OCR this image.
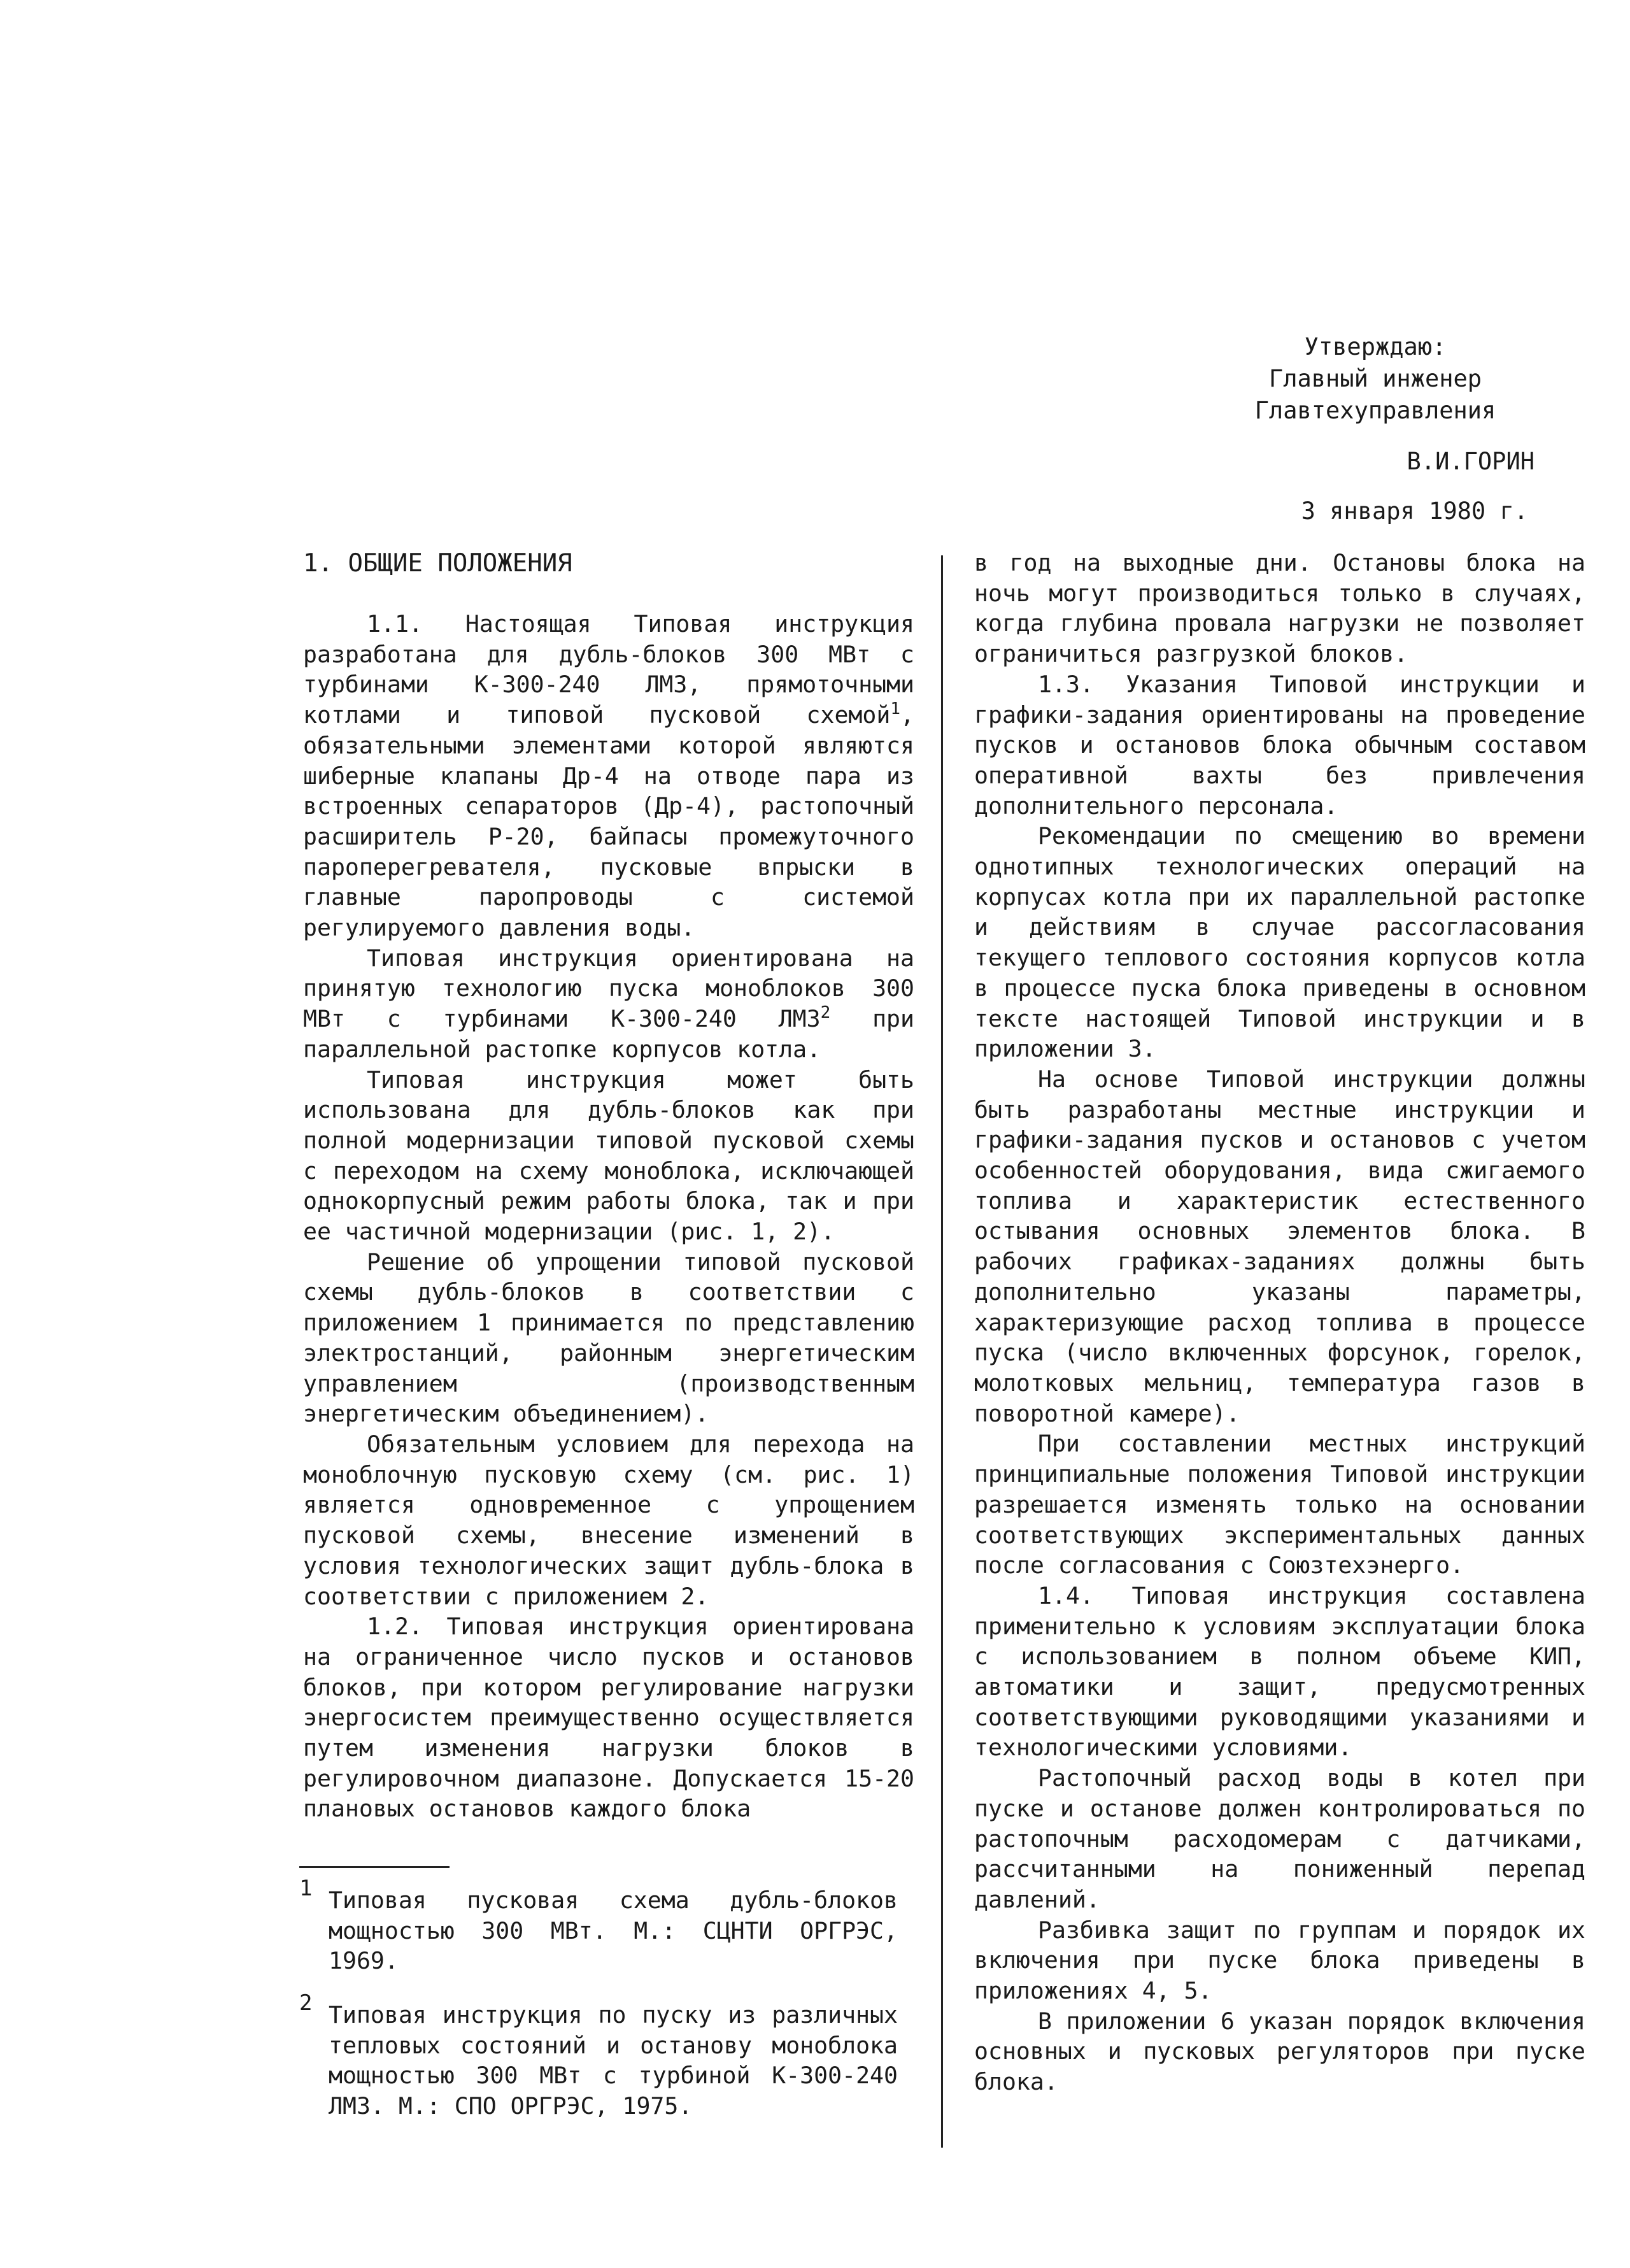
Утверждаю:
Главный инженер
Главтехуправления
В.И.ГОРИН
3 января 1980 г.

1. ОБЩИЕ ПОЛОЖЕНИЯ

1.1. Настоящая Типовая инструкция разработана для дубль-блоков 300 МВт с турбинами К-300-240 ЛМЗ, прямоточными котлами и типовой пусковой схемой$^1$, обязательными элементами которой являются шиберные клапаны Др-4 на отводе пара из встроенных сепараторов (Др-4), растопочный расширитель Р-20, байпасы промежуточного пароперегревателя, пусковые впрыски в главные паропроводы с системой регулируемого давления воды.

Типовая инструкция ориентирована на принятую технологию пуска моноблоков 300 МВт с турбинами К-300-240 ЛМЗ$^2$ при параллельной растопке корпусов котла.

Типовая инструкция может быть использована для дубль-блоков как при полной модернизации типовой пусковой схемы с переходом на схему моноблока, исключающей однокорпусный режим работы блока, так и при ее частичной модернизации (рис. 1, 2).

Решение об упрощении типовой пусковой схемы дубль-блоков в соответствии с приложением 1 принимается по представлению электростанций, районным энергетическим управлением (производственным энергетическим объединением).

Обязательным условием для перехода на моноблочную пусковую схему (см. рис. 1) является одновременное с упрощением пусковой схемы, внесение изменений в условия технологических защит дубль-блока в соответствии с приложением 2.

1.2. Типовая инструкция ориентирована на ограниченное число пусков и остановов блоков, при котором регулирование нагрузки энергосистем преимущественно осуществляется путем изменения нагрузки блоков в регулировочном диапазоне. Допускается 15-20 плановых остановов каждого блока

в год на выходные дни. Остановы блока на ночь могут производиться только в случаях, когда глубина провала нагрузки не позволяет ограничиться разгрузкой блоков.

1.3. Указания Типовой инструкции и графики-задания ориентированы на проведение пусков и остановов блока обычным составом оперативной вахты без привлечения дополнительного персонала.

Рекомендации по смещению во времени однотипных технологических операций на корпусах котла при их параллельной растопке и действиям в случае рассогласования текущего теплового состояния корпусов котла в процессе пуска блока приведены в основном тексте настоящей Типовой инструкции и в приложении 3.

На основе Типовой инструкции должны быть разработаны местные инструкции и графики-задания пусков и остановов с учетом особенностей оборудования, вида сжигаемого топлива и характеристик естественного остывания основных элементов блока. В рабочих графиках-заданиях должны быть дополнительно указаны параметры, характеризующие расход топлива в процессе пуска (число включенных форсунок, горелок, молотковых мельниц, температура газов в поворотной камере).

При составлении местных инструкций принципиальные положения Типовой инструкции разрешается изменять только на основании соответствующих экспериментальных данных после согласования с Союзтехэнерго.

1.4. Типовая инструкция составлена применительно к условиям эксплуатации блока с использованием в полном объеме КИП, автоматики и защит, предусмотренных соответствующими руководящими указаниями и технологическими условиями.

Растопочный расход воды в котел при пуске и останове должен контролироваться по растопочным расходомерам с датчиками, рассчитанными на пониженный перепад давлений.

Разбивка защит по группам и порядок их включения при пуске блока приведены в приложениях 4, 5.

В приложении 6 указан порядок включения основных и пусковых регуляторов при пуске блока.

1 Типовая пусковая схема дубль-блоков мощностью 300 МВт. М.: СЦНТИ ОРГРЭС, 1969.
2 Типовая инструкция по пуску из различных тепловых состояний и останову моноблока мощностью 300 МВт с турбиной К-300-240 ЛМЗ. М.: СПО ОРГРЭС, 1975.
